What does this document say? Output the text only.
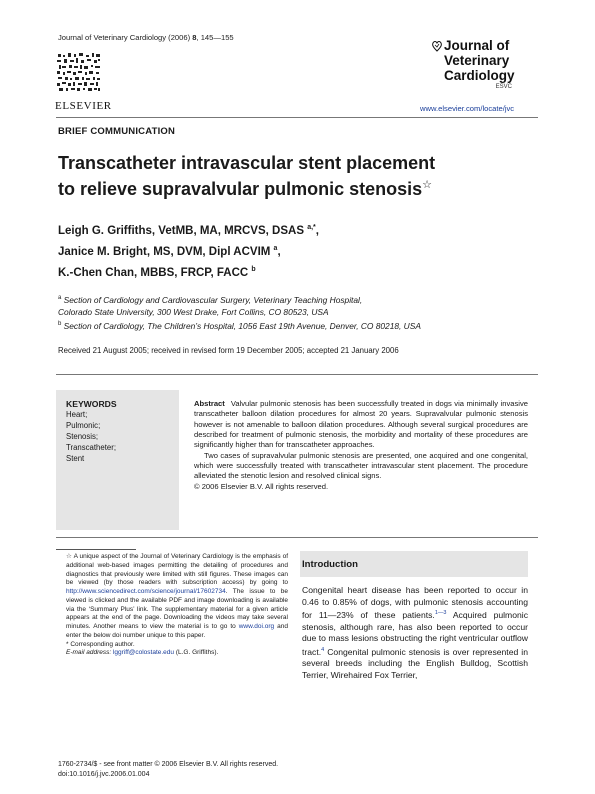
Journal of Veterinary Cardiology (2006) 8, 145—155
ELSEVIER
Journal of
Veterinary
Cardiology
ESVC
www.elsevier.com/locate/jvc
BRIEF COMMUNICATION
Transcatheter intravascular stent placement
to relieve supravalvular pulmonic stenosis☆
Leigh G. Griffiths, VetMB, MA, MRCVS, DSAS $^{a,*}$,
Janice M. Bright, MS, DVM, Dipl ACVIM $^a$,
K.-Chen Chan, MBBS, FRCP, FACC $^b$
$^a$ Section of Cardiology and Cardiovascular Surgery, Veterinary Teaching Hospital,
Colorado State University, 300 West Drake, Fort Collins, CO 80523, USA
$^b$ Section of Cardiology, The Children’s Hospital, 1056 East 19th Avenue, Denver, CO 80218, USA
Received 21 August 2005; received in revised form 19 December 2005; accepted 21 January 2006
KEYWORDS
Heart;
Pulmonic;
Stenosis;
Transcatheter;
Stent

Abstract Valvular pulmonic stenosis has been successfully treated in dogs via minimally invasive transcatheter balloon dilation procedures for almost 20 years. Supravalvular pulmonic stenosis however is not amenable to balloon dilation procedures. Although several surgical procedures are described for treatment of pulmonic stenosis, the morbidity and mortality of these procedures are significantly higher than for transcatheter approaches.

Two cases of supravalvular pulmonic stenosis are presented, one acquired and one congenital, which were successfully treated with transcatheter intravascular stent placement. The procedure alleviated the stenotic lesion and resolved clinical signs.

© 2006 Elsevier B.V. All rights reserved.

☆ A unique aspect of the Journal of Veterinary Cardiology is the emphasis of additional web-based images permitting the detailing of procedures and diagnostics that previously were limited with still figures. These images can be viewed (by those readers with subscription access) by going to http://www.sciencedirect.com/science/journal/17602734. The issue to be viewed is clicked and the available PDF and image downloading is available via the ‘Summary Plus’ link. The supplementary material for a given article appears at the end of the page. Downloading the videos may take several minutes. Another means to view the material is to go to www.doi.org and enter the below doi number unique to this paper.

* Corresponding author.

E-mail address: lggriff@colostate.edu (L.G. Griffiths).

Introduction
Congenital heart disease has been reported to occur in 0.46 to 0.85% of dogs, with pulmonic stenosis accounting for 11—23% of these patients.$^{1—3}$ Acquired pulmonic stenosis, although rare, has also been reported to occur due to mass lesions obstructing the right ventricular outflow tract.$^4$ Congenital pulmonic stenosis is over represented in several breeds including the English Bulldog, Scottish Terrier, Wirehaired Fox Terrier,
1760-2734/$ - see front matter © 2006 Elsevier B.V. All rights reserved.
doi:10.1016/j.jvc.2006.01.004
